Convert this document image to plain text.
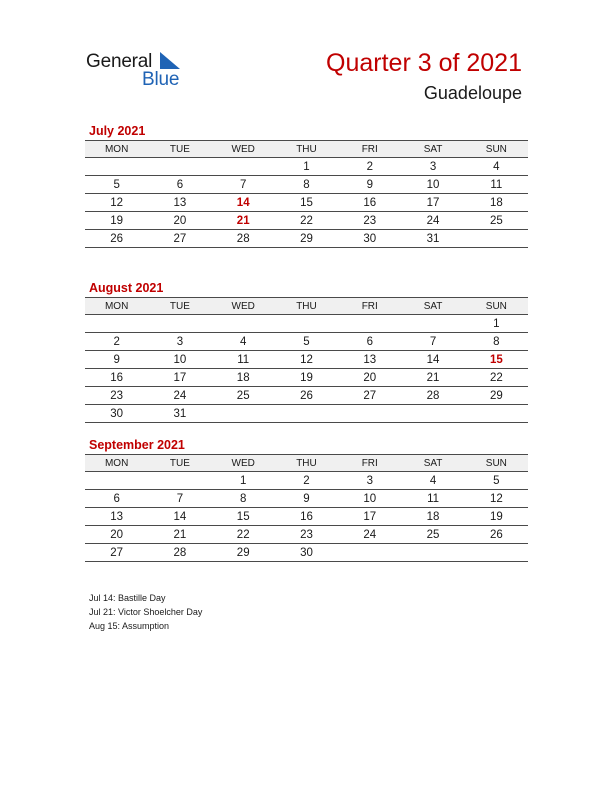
General
Blue
Quarter 3 of 2021
Guadeloupe
July 2021
MON	TUE	WED	THU	FRI	SAT	SUN
			1	2	3	4
5	6	7	8	9	10	11
12	13	14	15	16	17	18
19	20	21	22	23	24	25
26	27	28	29	30	31	
August 2021
MON	TUE	WED	THU	FRI	SAT	SUN
						1
2	3	4	5	6	7	8
9	10	11	12	13	14	15
16	17	18	19	20	21	22
23	24	25	26	27	28	29
30	31					
September 2021
MON	TUE	WED	THU	FRI	SAT	SUN
		1	2	3	4	5
6	7	8	9	10	11	12
13	14	15	16	17	18	19
20	21	22	23	24	25	26
27	28	29	30			
Jul 14: Bastille Day
Jul 21: Victor Shoelcher Day
Aug 15: Assumption
